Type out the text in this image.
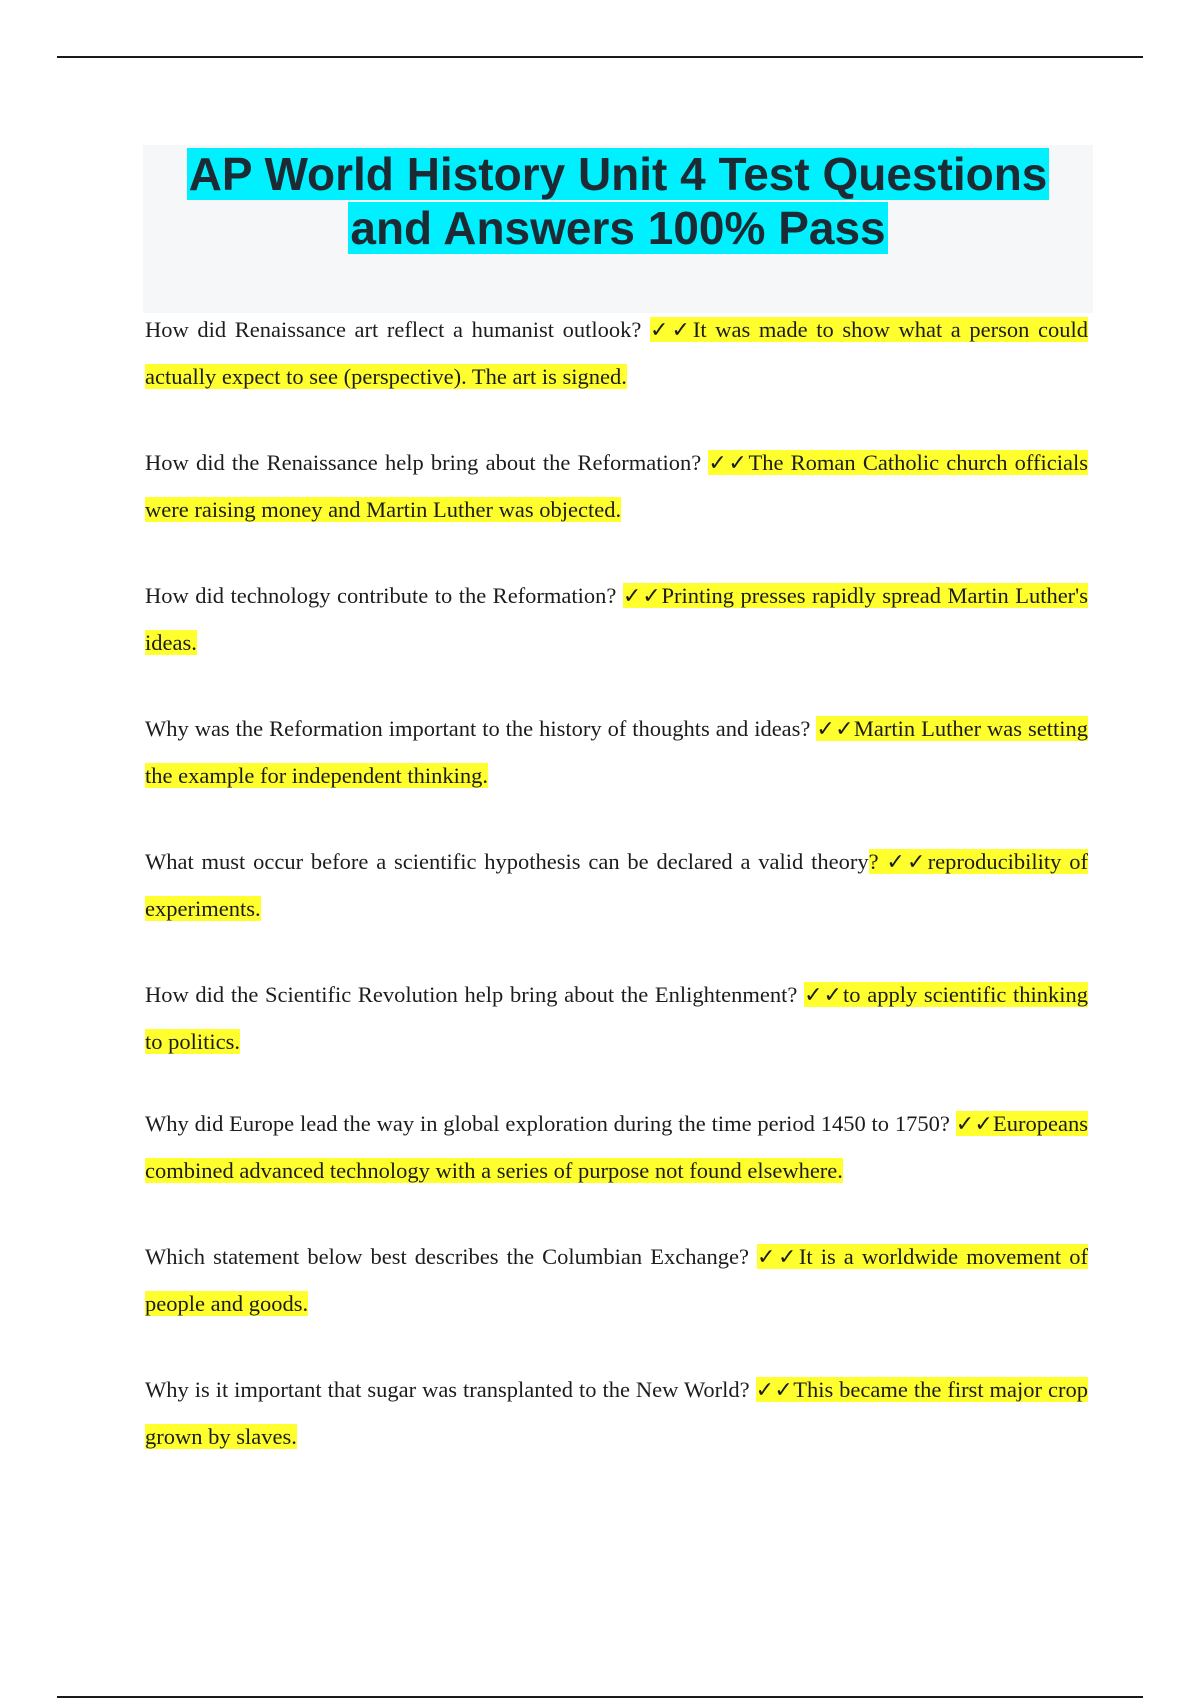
AP World History Unit 4 Test Questions
and Answers 100% Pass

How did Renaissance art reflect a humanist outlook? ✓✓It was made to show what a person could actually expect to see (perspective). The art is signed.

How did the Renaissance help bring about the Reformation? ✓✓The Roman Catholic church officials were raising money and Martin Luther was objected.

How did technology contribute to the Reformation? ✓✓Printing presses rapidly spread Martin Luther's ideas.

Why was the Reformation important to the history of thoughts and ideas? ✓✓Martin Luther was setting the example for independent thinking.

What must occur before a scientific hypothesis can be declared a valid theory? ✓✓reproducibility of experiments.

How did the Scientific Revolution help bring about the Enlightenment? ✓✓to apply scientific thinking to politics.

Why did Europe lead the way in global exploration during the time period 1450 to 1750? ✓✓Europeans combined advanced technology with a series of purpose not found elsewhere.

Which statement below best describes the Columbian Exchange? ✓✓It is a worldwide movement of people and goods.

Why is it important that sugar was transplanted to the New World? ✓✓This became the first major crop grown by slaves.
